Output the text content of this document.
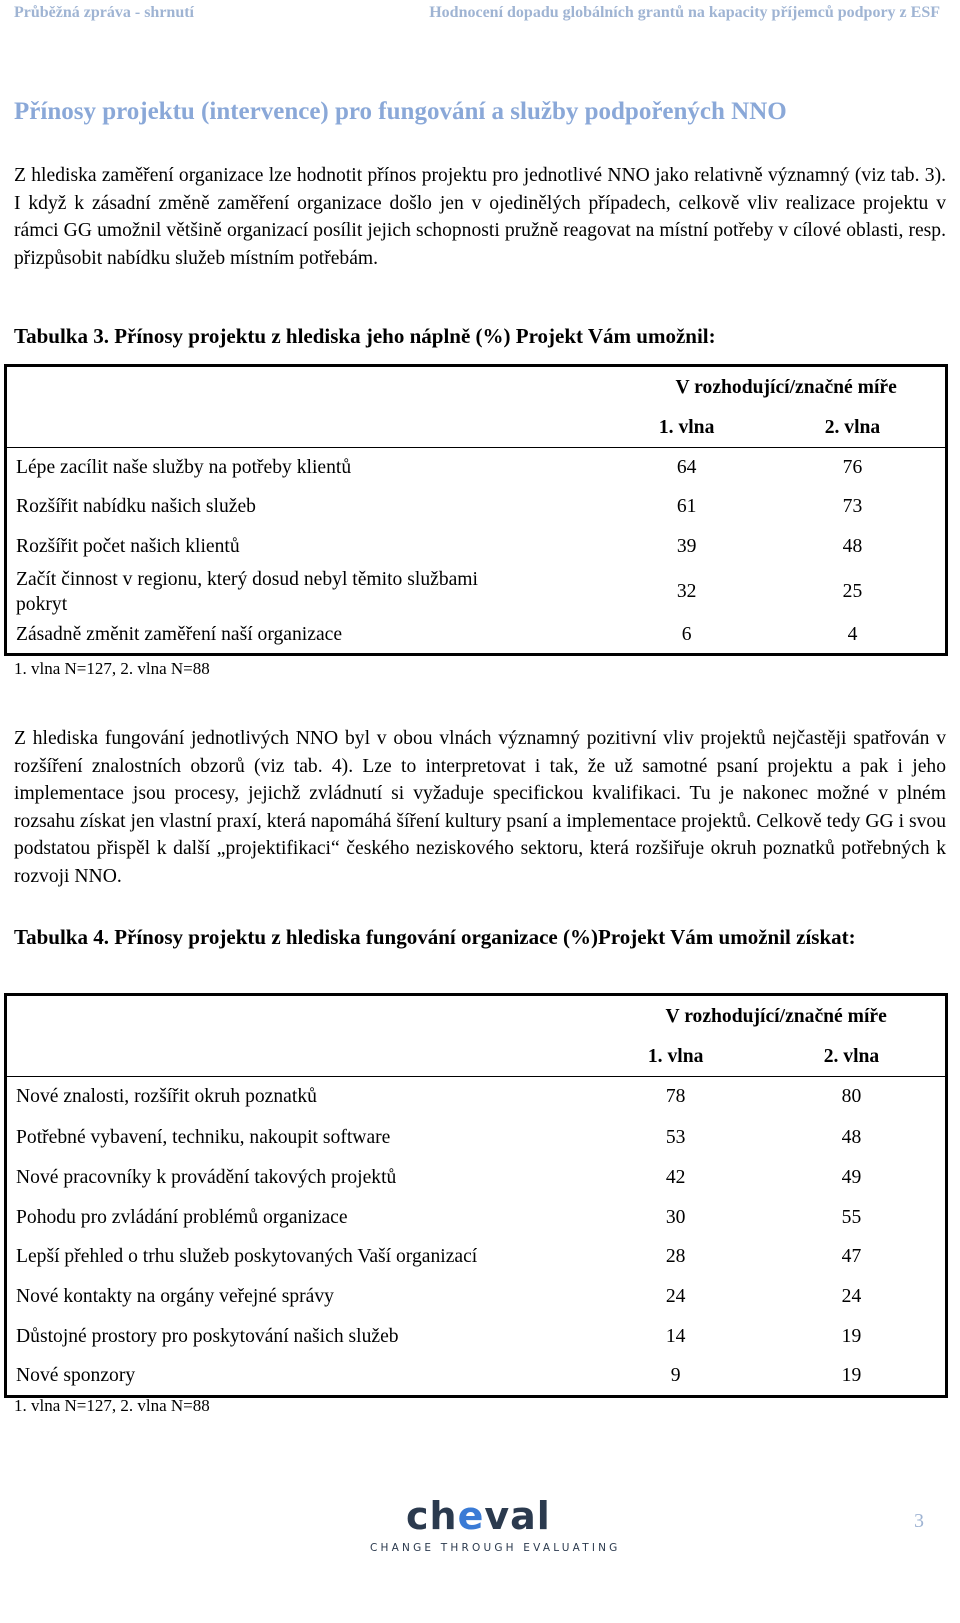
Průběžná zpráva - shrnutí	Hodnocení dopadu globálních grantů na kapacity příjemců podpory z ESF
Přínosy projektu (intervence) pro fungování a služby podpořených NNO

Z hlediska zaměření organizace lze hodnotit přínos projektu pro jednotlivé NNO jako relativně významný (viz tab. 3). I když k zásadní změně zaměření organizace došlo jen v ojedinělých případech, celkově vliv realizace projektu v rámci GG umožnil většině organizací posílit jejich schopnosti pružně reagovat na místní potřeby v cílové oblasti, resp. přizpůsobit nabídku služeb místním potřebám.

Tabulka 3. Přínosy projektu z hlediska jeho náplně (%) Projekt Vám umožnil:
	V rozhodující/značné míře	
	1. vlna	2. vlna
Lépe zacílit naše služby na potřeby klientů	64	76
Rozšířit nabídku našich služeb	61	73
Rozšířit počet našich klientů	39	48
Začít činnost v regionu, který dosud nebyl těmito službami pokryt	32	25
Zásadně změnit zaměření naší organizace	6	4
1. vlna N=127, 2. vlna N=88

Z hlediska fungování jednotlivých NNO byl v obou vlnách významný pozitivní vliv projektů nejčastěji spatřován v rozšíření znalostních obzorů (viz tab. 4). Lze to interpretovat i tak, že už samotné psaní projektu a pak i jeho implementace jsou procesy, jejichž zvládnutí si vyžaduje specifickou kvalifikaci. Tu je nakonec možné v plném rozsahu získat jen vlastní praxí, která napomáhá šíření kultury psaní a implementace projektů. Celkově tedy GG i svou podstatou přispěl k další „projektifikaci“ českého neziskového sektoru, která rozšiřuje okruh poznatků potřebných k rozvoji NNO.

Tabulka 4. Přínosy projektu z hlediska fungování organizace (%)Projekt Vám umožnil získat:
	V rozhodující/značné míře	
	1. vlna	2. vlna
Nové znalosti, rozšířit okruh poznatků	78	80
Potřebné vybavení, techniku, nakoupit software	53	48
Nové pracovníky k provádění takových projektů	42	49
Pohodu pro zvládání problémů organizace	30	55
Lepší přehled o trhu služeb poskytovaných Vaší organizací	28	47
Nové kontakty na orgány veřejné správy	24	24
Důstojné prostory pro poskytování našich služeb	14	19
Nové sponzory	9	19
1. vlna N=127, 2. vlna N=88
cheval
CHANGE THROUGH EVALUATING
3
